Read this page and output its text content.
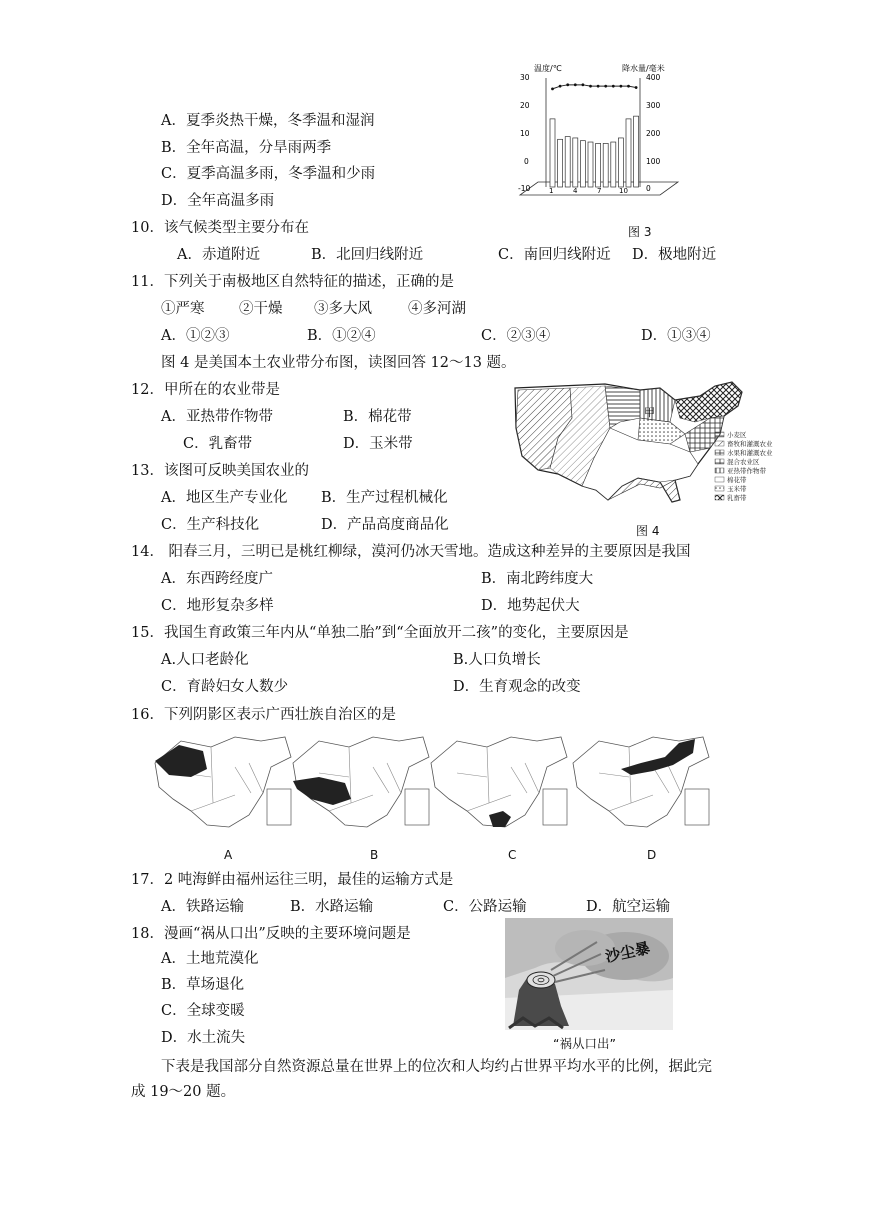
A．夏季炎热干燥，冬季温和湿润
B．全年高温，分旱雨两季
C．夏季高温多雨，冬季温和少雨
D．全年高温多雨
温度/℃	降水量/毫米
30
20
10
0
-10
400
300
200
100
0
1	4	7	10
图 3
10．该气候类型主要分布在
A．赤道附近	B．北回归线附近	C．南回归线附近 D．极地附近
11．下列关于南极地区自然特征的描述，正确的是
①严寒 ②干燥 ③多大风 ④多河湖
A．①②③	B．①②④	C．②③④	D．①③④
图 4 是美国本土农业带分布图，读图回答 12～13 题。
12．甲所在的农业带是
A．亚热带作物带	B．棉花带
C．乳畜带	D．玉米带
13．该图可反映美国农业的
A．地区生产专业化 B．生产过程机械化
C．生产科技化	D．产品高度商品化
甲
小麦区
畜牧和灌溉农业
水果和灌溉农业
混合农业区
亚热带作物带
棉花带
玉米带
乳畜带
图 4
14． 阳春三月，三明已是桃红柳绿，漠河仍冰天雪地。造成这种差异的主要原因是我国
A．东西跨经度广	B．南北跨纬度大
C．地形复杂多样	D．地势起伏大
15．我国生育政策三年内从“单独二胎”到“全面放开二孩”的变化，主要原因是
A.人口老龄化	B.人口负增长
C．育龄妇女人数少	D．生育观念的改变
16．下列阴影区表示广西壮族自治区的是
A	B	C	D
17．2 吨海鲜由福州运往三明，最佳的运输方式是
A．铁路运输	B．水路运输	C．公路运输	D．航空运输
18．漫画“祸从口出”反映的主要环境问题是
A．土地荒漠化
B．草场退化
C．全球变暖
D．水土流失
沙尘暴
“祸从口出”
下表是我国部分自然资源总量在世界上的位次和人均约占世界平均水平的比例，据此完
成 19～20 题。
